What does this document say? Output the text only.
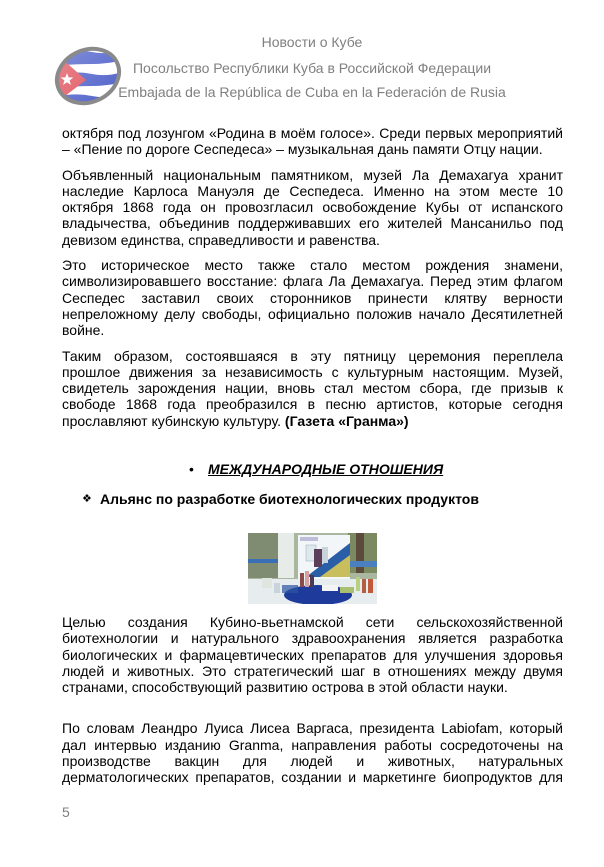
Новости о Кубе
Посольство Республики Куба в Российской Федерации
Embajada de la República de Cuba en la Federación de Rusia

октября под лозунгом «Родина в моём голосе». Среди первых мероприятий – «Пение по дороге Сеспедеса» – музыкальная дань памяти Отцу нации.

Объявленный национальным памятником, музей Ла Демахагуа хранит наследие Карлоса Мануэля де Сеспедеса. Именно на этом месте 10 октября 1868 года он провозгласил освобождение Кубы от испанского владычества, объединив поддерживавших его жителей Мансанильо под девизом единства, справедливости и равенства.

Это историческое место также стало местом рождения знамени, символизировавшего восстание: флага Ла Демахагуа. Перед этим флагом Сеспедес заставил своих сторонников принести клятву верности непреложному делу свободы, официально положив начало Десятилетней войне.

Таким образом, состоявшаяся в эту пятницу церемония переплела прошлое движения за независимость с культурным настоящим. Музей, свидетель зарождения нации, вновь стал местом сбора, где призыв к свободе 1868 года преобразился в песню артистов, которые сегодня прославляют кубинскую культуру. (Газета «Гранма»)

• МЕЖДУНАРОДНЫЕ ОТНОШЕНИЯ
❖ Альянс по разработке биотехнологических продуктов

Целью создания Кубино-вьетнамской сети сельскохозяйственной биотехнологии и натурального здравоохранения является разработка биологических и фармацевтических препаратов для улучшения здоровья людей и животных. Это стратегический шаг в отношениях между двумя странами, способствующий развитию острова в этой области науки.

По словам Леандро Луиса Лисеа Варгаса, президента Labiofam, который дал интервью изданию Granma, направления работы сосредоточены на производстве вакцин для людей и животных, натуральных дерматологических препаратов, создании и маркетинге биопродуктов для

5
